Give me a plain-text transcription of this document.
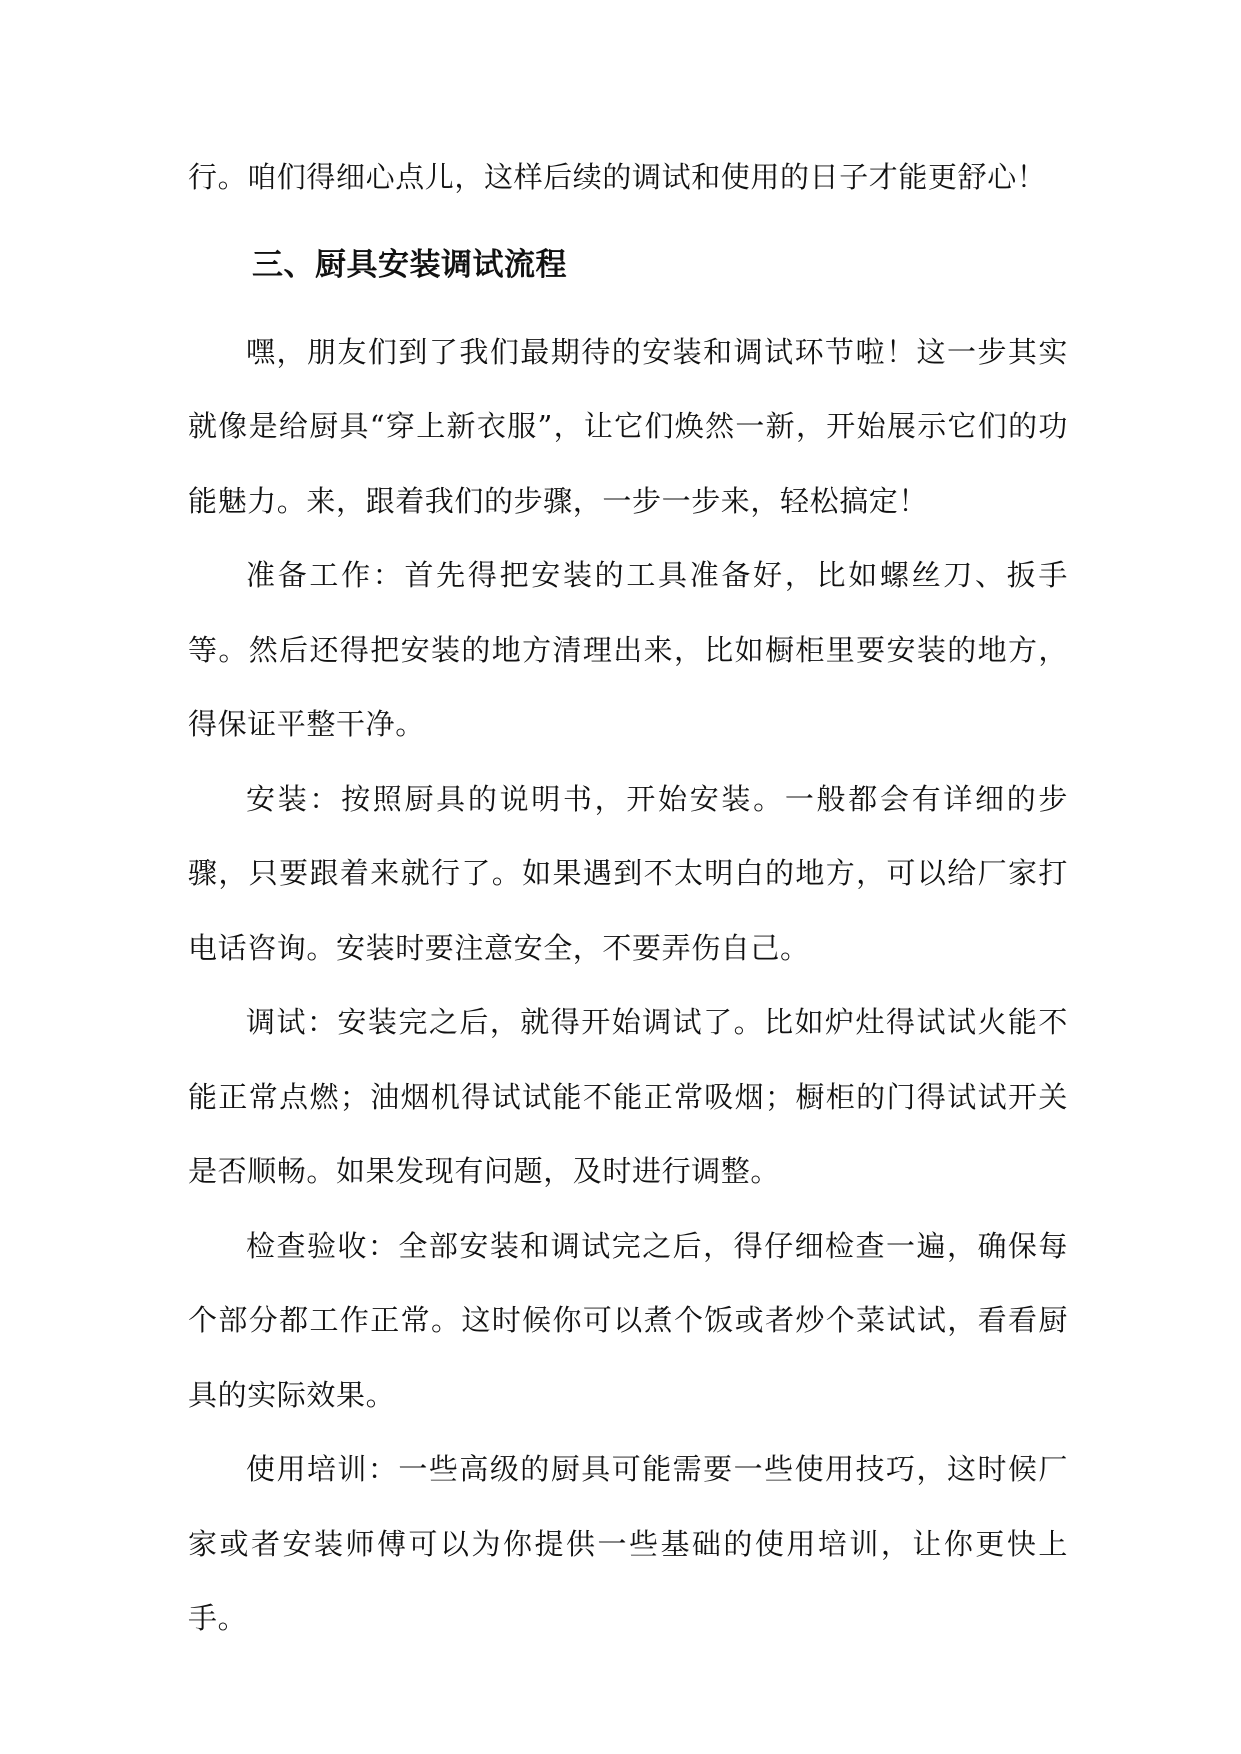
行。咱们得细心点儿，这样后续的调试和使用的日子才能更舒心！

三、厨具安装调试流程

嘿，朋友们到了我们最期待的安装和调试环节啦！这一步其实就像是给厨具“穿上新衣服”，让它们焕然一新，开始展示它们的功能魅力。来，跟着我们的步骤，一步一步来，轻松搞定！

准备工作：首先得把安装的工具准备好，比如螺丝刀、扳手等。然后还得把安装的地方清理出来，比如橱柜里要安装的地方，得保证平整干净。

安装：按照厨具的说明书，开始安装。一般都会有详细的步骤，只要跟着来就行了。如果遇到不太明白的地方，可以给厂家打电话咨询。安装时要注意安全，不要弄伤自己。

调试：安装完之后，就得开始调试了。比如炉灶得试试火能不能正常点燃；油烟机得试试能不能正常吸烟；橱柜的门得试试开关是否顺畅。如果发现有问题，及时进行调整。

检查验收：全部安装和调试完之后，得仔细检查一遍，确保每个部分都工作正常。这时候你可以煮个饭或者炒个菜试试，看看厨具的实际效果。

使用培训：一些高级的厨具可能需要一些使用技巧，这时候厂家或者安装师傅可以为你提供一些基础的使用培训，让你更快上手。
